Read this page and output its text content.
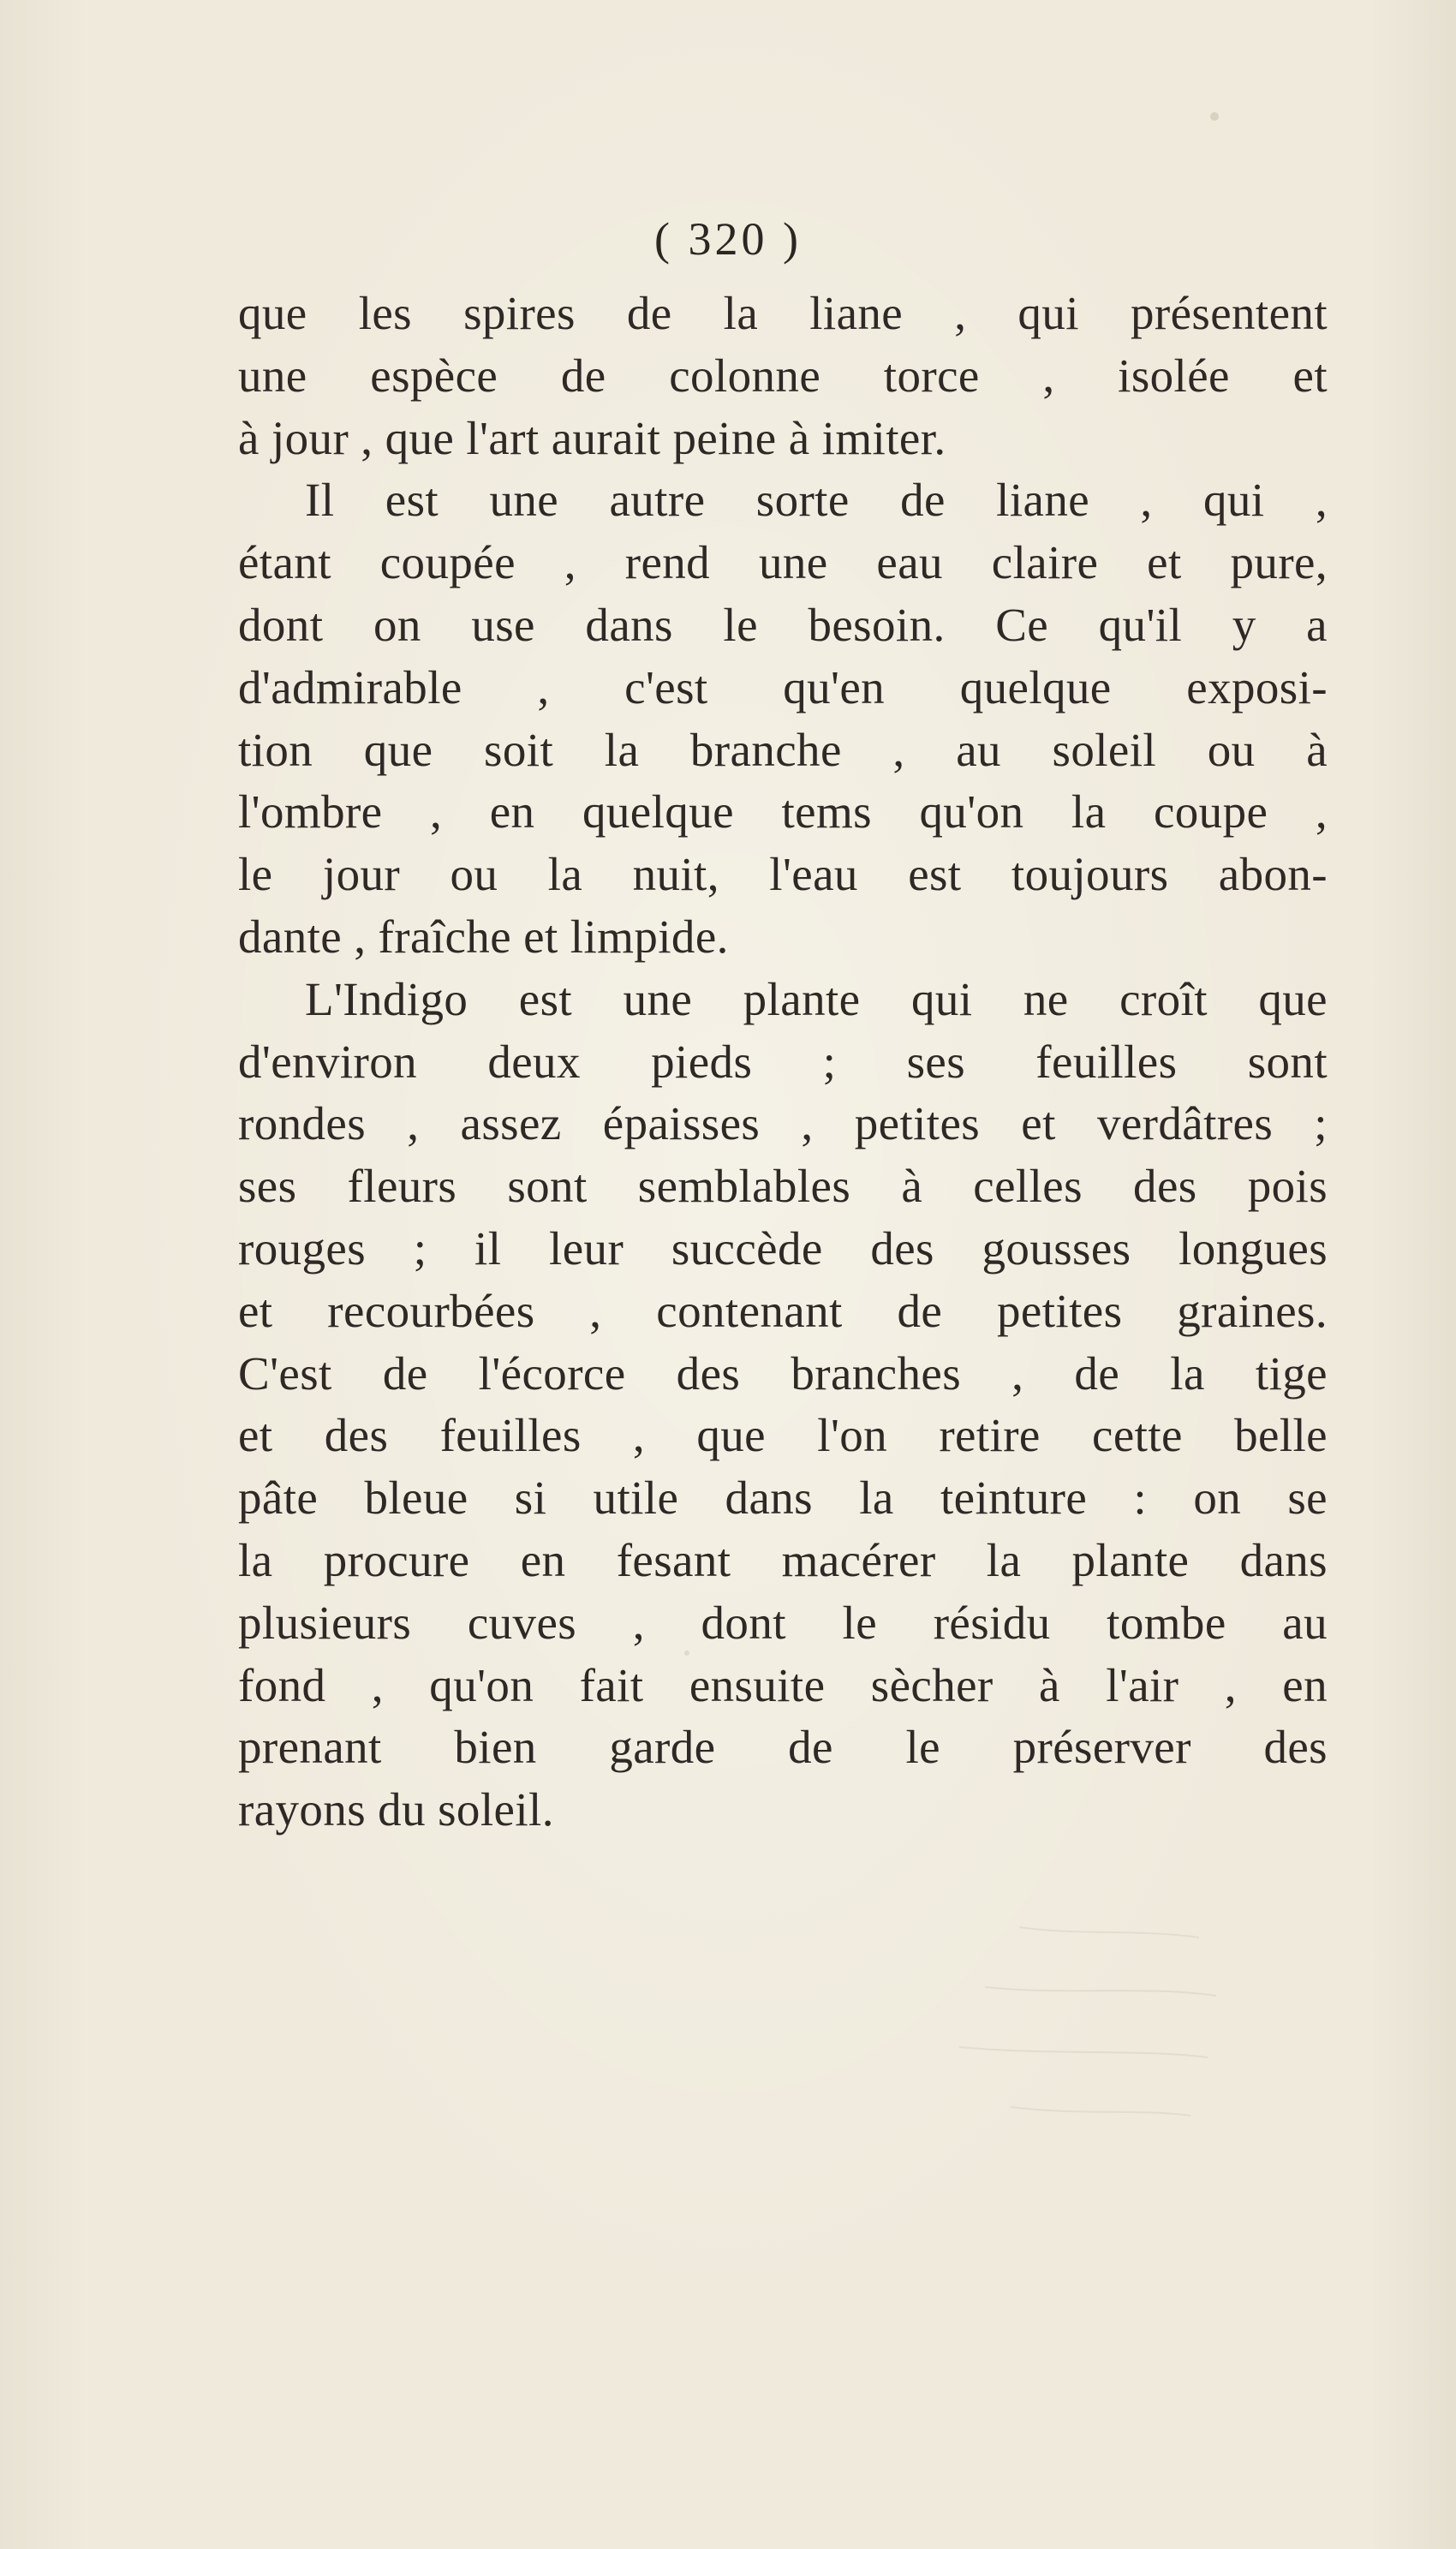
( 320 )
que les spires de la liane , qui présentent
une espèce de colonne torce , isolée et
à jour , que l'art aurait peine à imiter.
Il est une autre sorte de liane , qui ,
étant coupée , rend une eau claire et pure,
dont on use dans le besoin. Ce qu'il y a
d'admirable , c'est qu'en quelque exposi-
tion que soit la branche , au soleil ou à
l'ombre , en quelque tems qu'on la coupe ,
le jour ou la nuit, l'eau est toujours abon-
dante , fraîche et limpide.
L'Indigo est une plante qui ne croît que
d'environ deux pieds ; ses feuilles sont
rondes , assez épaisses , petites et verdâtres ;
ses fleurs sont semblables à celles des pois
rouges ; il leur succède des gousses longues
et recourbées , contenant de petites graines.
C'est de l'écorce des branches , de la tige
et des feuilles , que l'on retire cette belle
pâte bleue si utile dans la teinture : on se
la procure en fesant macérer la plante dans
plusieurs cuves , dont le résidu tombe au
fond , qu'on fait ensuite sècher à l'air , en
prenant bien garde de le préserver des
rayons du soleil.
